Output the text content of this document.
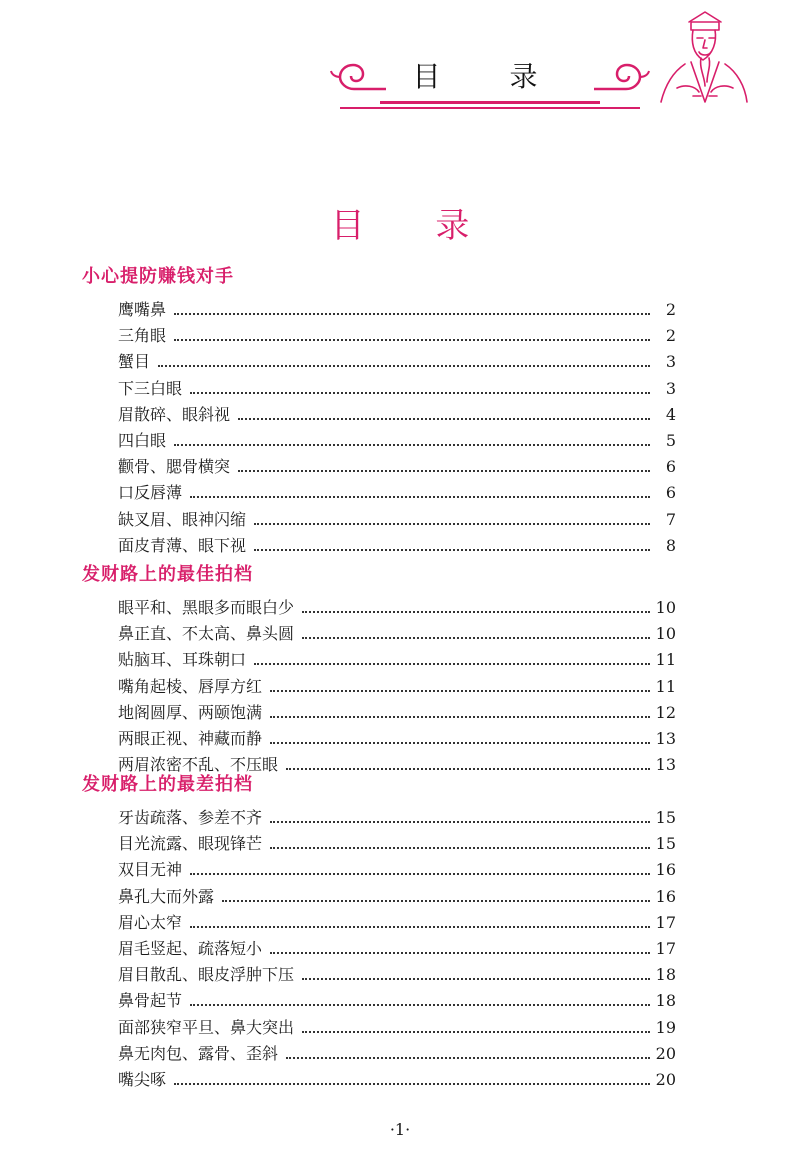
目 录
目 录
小心提防赚钱对手
鹰嘴鼻	2
三角眼	2
蟹目	3
下三白眼	3
眉散碎、眼斜视	4
四白眼	5
颧骨、腮骨横突	6
口反唇薄	6
缺叉眉、眼神闪缩	7
面皮青薄、眼下视	8
发财路上的最佳拍档
眼平和、黑眼多而眼白少	10
鼻正直、不太高、鼻头圆	10
贴脑耳、耳珠朝口	11
嘴角起棱、唇厚方红	11
地阁圆厚、两颐饱满	12
两眼正视、神藏而静	13
两眉浓密不乱、不压眼	13
发财路上的最差拍档
牙齿疏落、参差不齐	15
目光流露、眼现锋芒	15
双目无神	16
鼻孔大而外露	16
眉心太窄	17
眉毛竖起、疏落短小	17
眉目散乱、眼皮浮肿下压	18
鼻骨起节	18
面部狭窄平旦、鼻大突出	19
鼻无肉包、露骨、歪斜	20
嘴尖啄	20
·1·
